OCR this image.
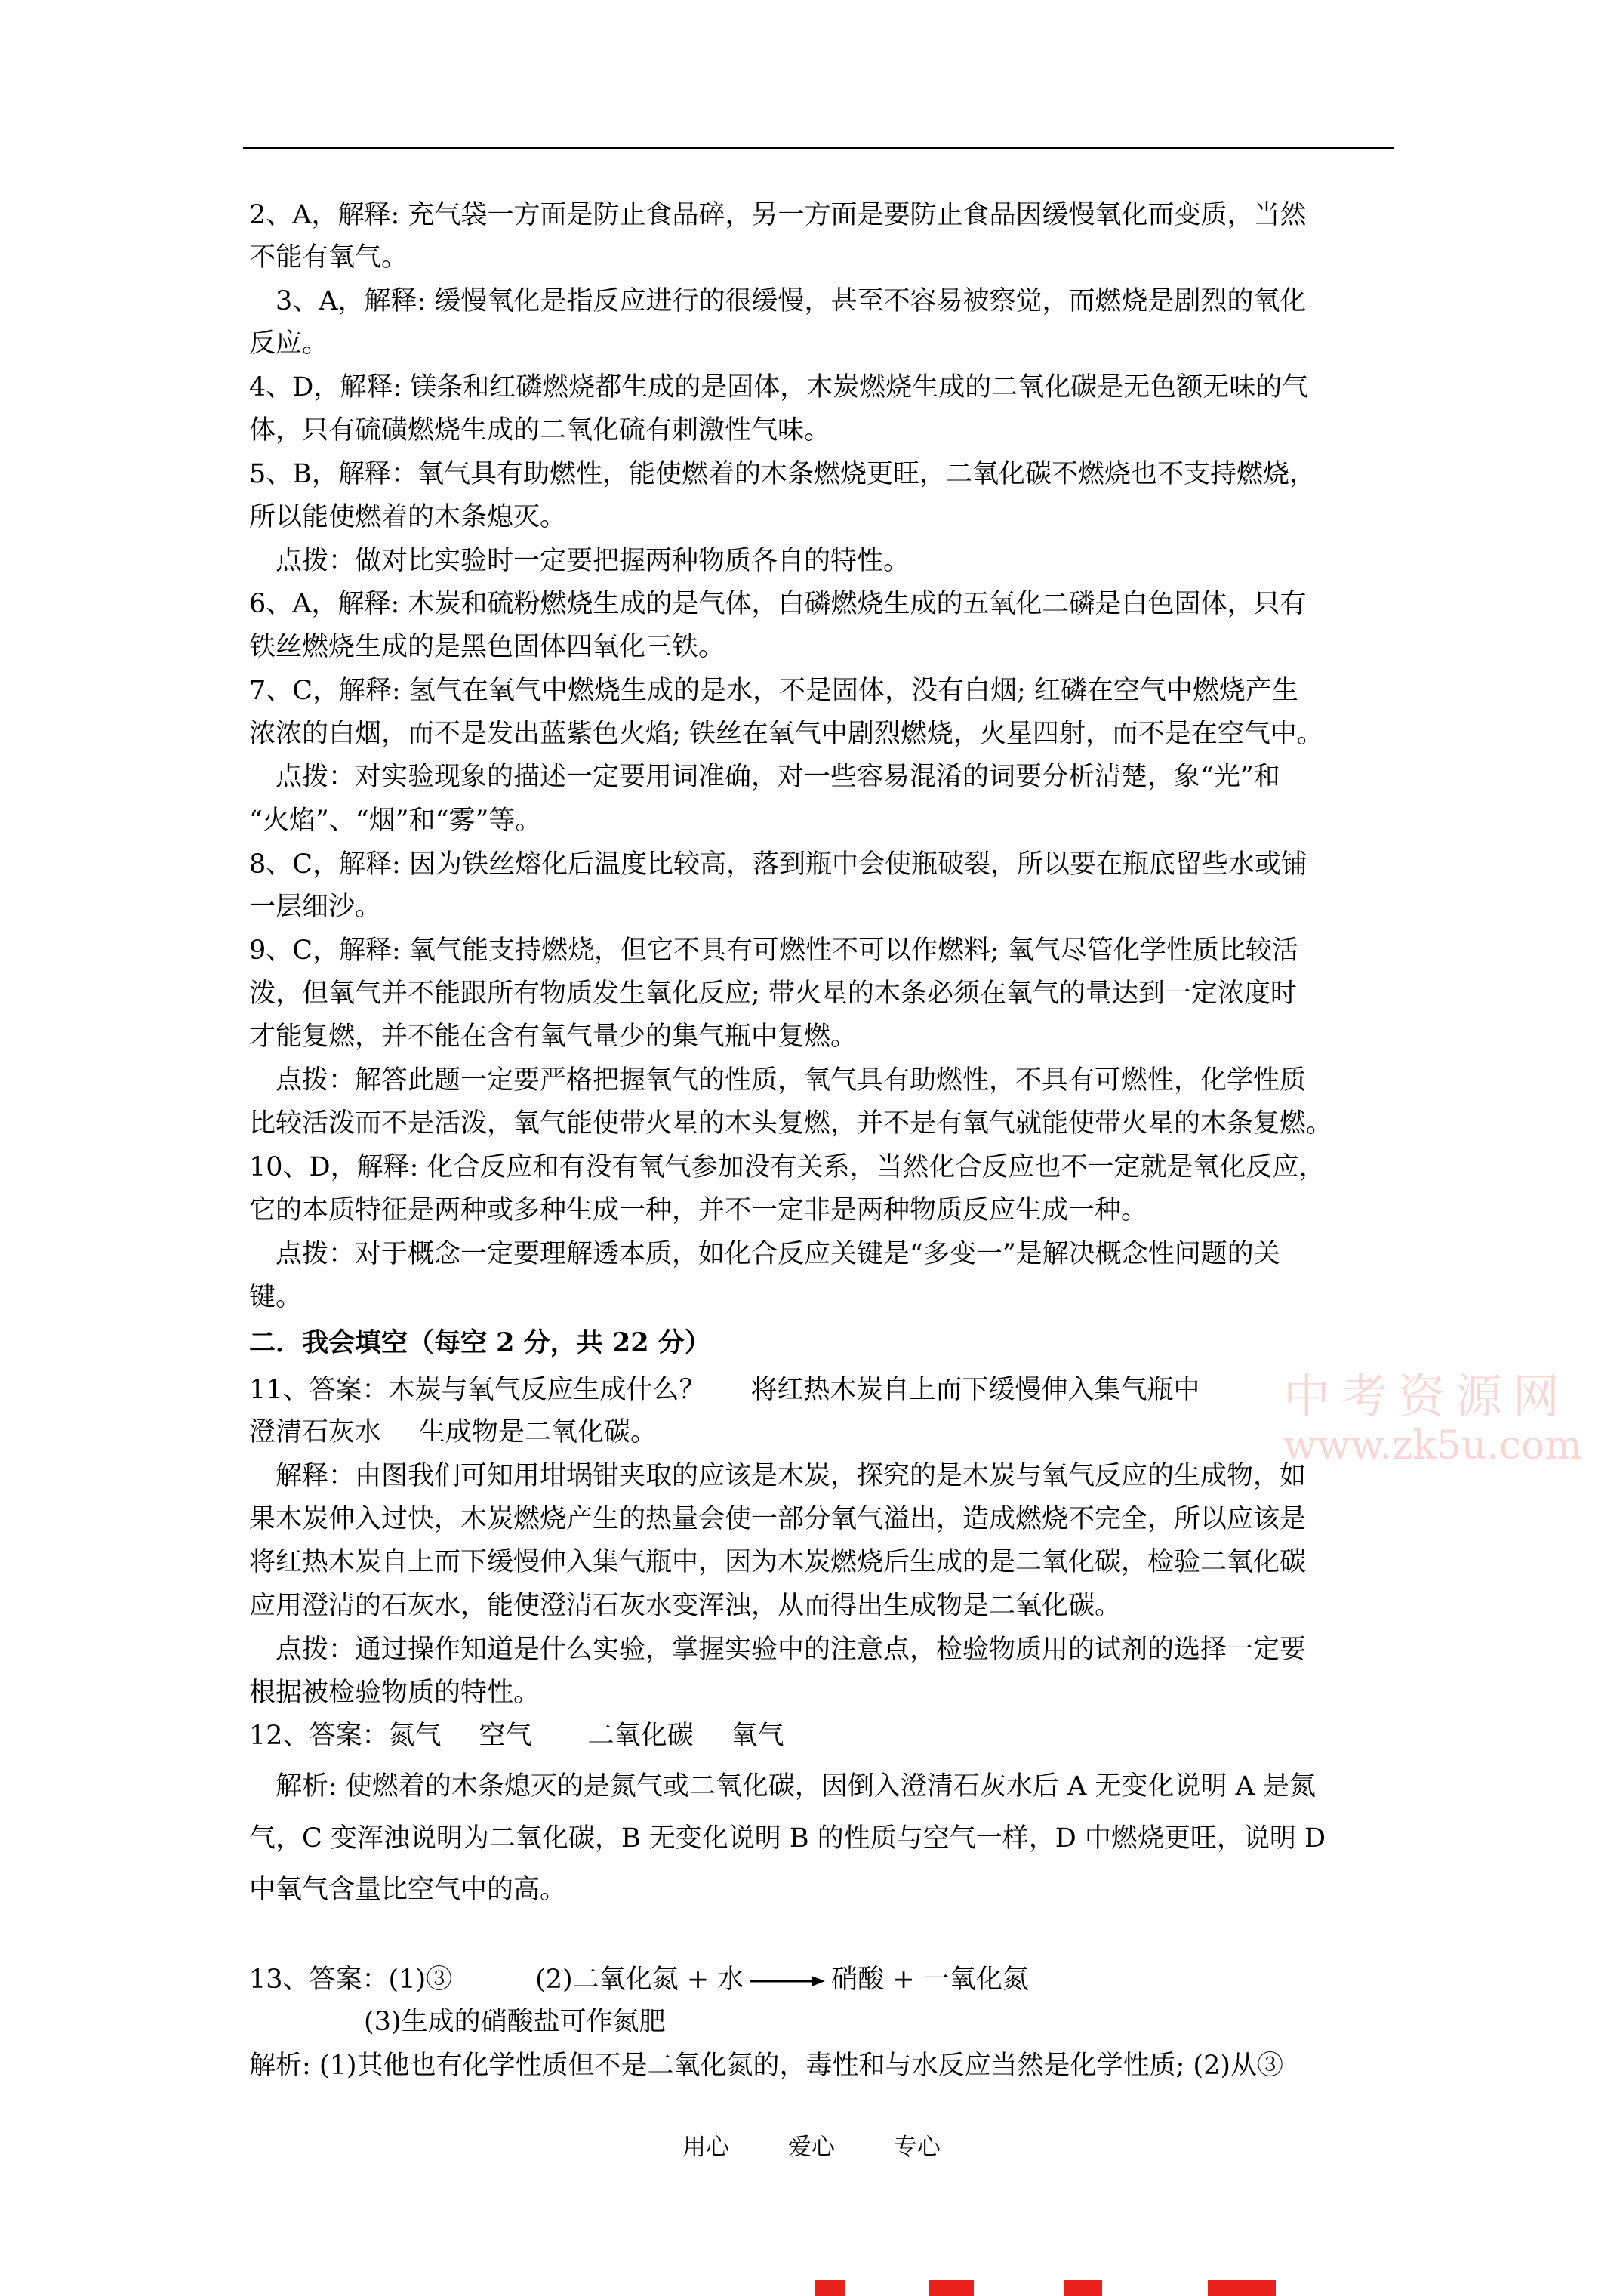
2、A，解释: 充气袋一方面是防止食品碎，另一方面是要防止食品因缓慢氧化而变质，当然
不能有氧气。
3、A，解释: 缓慢氧化是指反应进行的很缓慢，甚至不容易被察觉，而燃烧是剧烈的氧化
反应。
4、D，解释: 镁条和红磷燃烧都生成的是固体，木炭燃烧生成的二氧化碳是无色额无味的气
体，只有硫磺燃烧生成的二氧化硫有刺激性气味。
5、B，解释：氧气具有助燃性，能使燃着的木条燃烧更旺，二氧化碳不燃烧也不支持燃烧，
所以能使燃着的木条熄灭。
点拨：做对比实验时一定要把握两种物质各自的特性。
6、A，解释: 木炭和硫粉燃烧生成的是气体，白磷燃烧生成的五氧化二磷是白色固体，只有
铁丝燃烧生成的是黑色固体四氧化三铁。
7、C，解释: 氢气在氧气中燃烧生成的是水，不是固体，没有白烟; 红磷在空气中燃烧产生
浓浓的白烟，而不是发出蓝紫色火焰; 铁丝在氧气中剧烈燃烧，火星四射，而不是在空气中。
点拨：对实验现象的描述一定要用词准确，对一些容易混淆的词要分析清楚，象“光”和
“火焰”、“烟”和“雾”等。
8、C，解释: 因为铁丝熔化后温度比较高，落到瓶中会使瓶破裂，所以要在瓶底留些水或铺
一层细沙。
9、C，解释: 氧气能支持燃烧，但它不具有可燃性不可以作燃料; 氧气尽管化学性质比较活
泼，但氧气并不能跟所有物质发生氧化反应; 带火星的木条必须在氧气的量达到一定浓度时
才能复燃，并不能在含有氧气量少的集气瓶中复燃。
点拨：解答此题一定要严格把握氧气的性质，氧气具有助燃性，不具有可燃性，化学性质
比较活泼而不是活泼，氧气能使带火星的木头复燃，并不是有氧气就能使带火星的木条复燃。
10、D，解释: 化合反应和有没有氧气参加没有关系，当然化合反应也不一定就是氧化反应，
它的本质特征是两种或多种生成一种，并不一定非是两种物质反应生成一种。
点拨：对于概念一定要理解透本质，如化合反应关键是“多变一”是解决概念性问题的关
键。
二．我会填空（每空 2 分，共 22 分）
11、答案：木炭与氧气反应生成什么？ 将红热木炭自上而下缓慢伸入集气瓶中
澄清石灰水 生成物是二氧化碳。
解释：由图我们可知用坩埚钳夹取的应该是木炭，探究的是木炭与氧气反应的生成物，如
果木炭伸入过快，木炭燃烧产生的热量会使一部分氧气溢出，造成燃烧不完全，所以应该是
将红热木炭自上而下缓慢伸入集气瓶中，因为木炭燃烧后生成的是二氧化碳，检验二氧化碳
应用澄清的石灰水，能使澄清石灰水变浑浊，从而得出生成物是二氧化碳。
点拨：通过操作知道是什么实验，掌握实验中的注意点，检验物质用的试剂的选择一定要
根据被检验物质的特性。
12、答案：氮气 空气 二氧化碳 氧气
解析: 使燃着的木条熄灭的是氮气或二氧化碳，因倒入澄清石灰水后 A 无变化说明 A 是氮
气，C 变浑浊说明为二氧化碳，B 无变化说明 B 的性质与空气一样，D 中燃烧更旺，说明 D
中氧气含量比空气中的高。
13、答案：(1)③	(2)二氧化氮 + 水	硝酸 + 一氧化氮
(3)生成的硝酸盐可作氮肥
解析: (1)其他也有化学性质但不是二氧化氮的，毒性和与水反应当然是化学性质; (2)从③
中考资源网
www.zk5u.com
用心	爱心	专心
